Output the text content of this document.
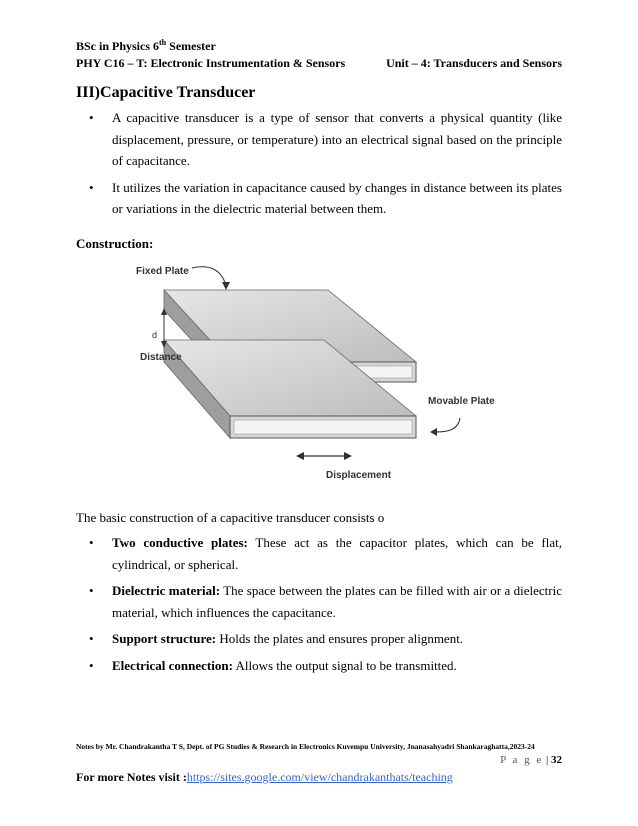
BSc in Physics 6th Semester
PHY C16 – T: Electronic Instrumentation & Sensors	Unit – 4: Transducers and Sensors
III)Capacitive Transducer
• A capacitive transducer is a type of sensor that converts a physical quantity (like displacement, pressure, or temperature) into an electrical signal based on the principle of capacitance.
• It utilizes the variation in capacitance caused by changes in distance between its plates or variations in the dielectric material between them.
Construction:
Fixed Plate
d
Distance
Movable Plate
Displacement
The basic construction of a capacitive transducer consists o
• Two conductive plates: These act as the capacitor plates, which can be flat, cylindrical, or spherical.
• Dielectric material: The space between the plates can be filled with air or a dielectric material, which influences the capacitance.
• Support structure: Holds the plates and ensures proper alignment.
• Electrical connection: Allows the output signal to be transmitted.
Notes by Mr. Chandrakantha T S, Dept. of PG Studies & Research in Electronics Kuvempu University, Jnanasahyadri Shankaraghatta,2023-24
P a g e | 32
For more Notes visit :https://sites.google.com/view/chandrakanthats/teaching
